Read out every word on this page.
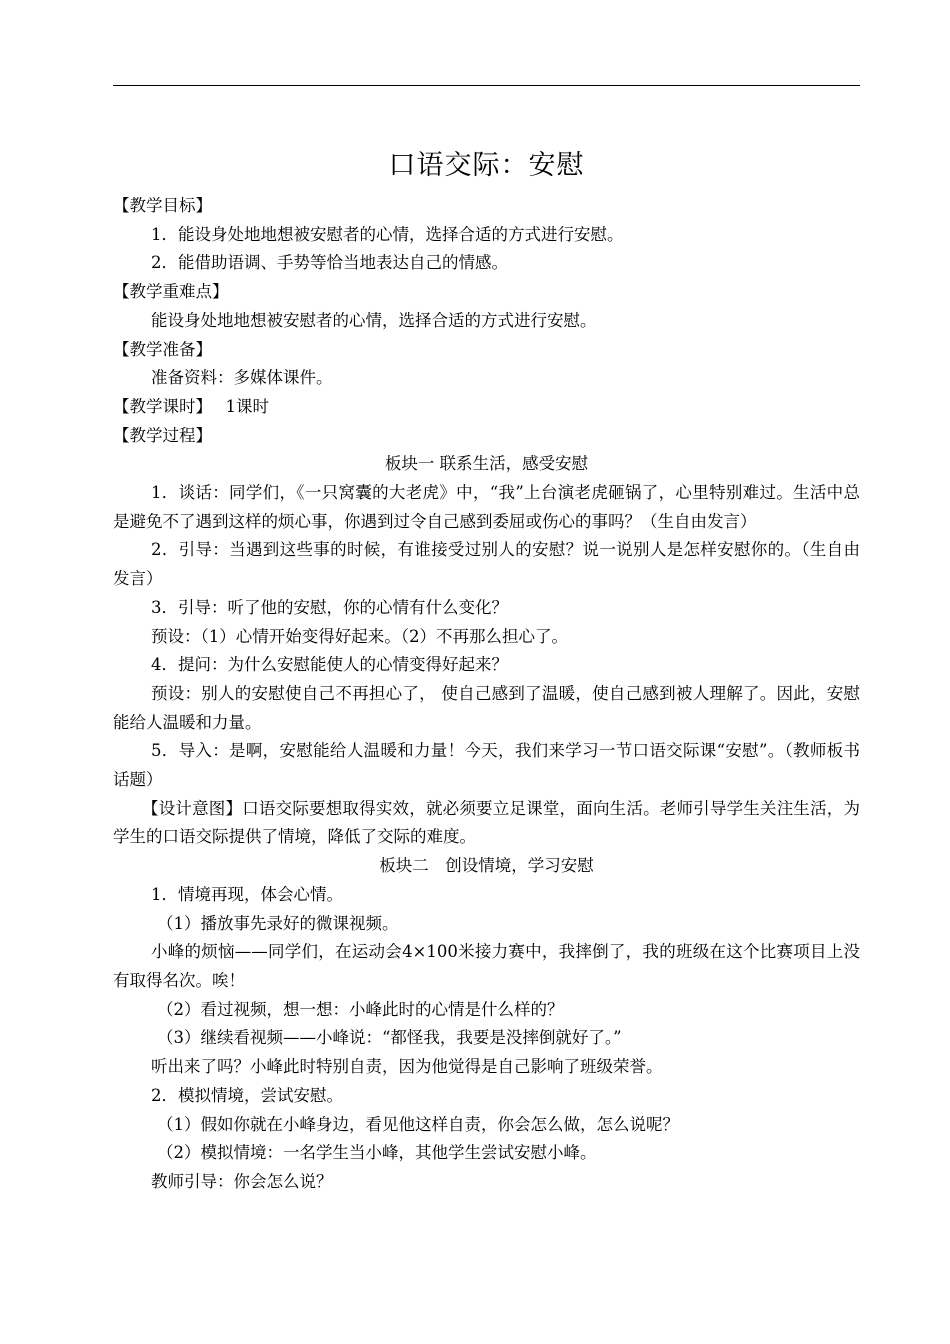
口语交际：安慰
【教学目标】
1．能设身处地地想被安慰者的心情，选择合适的方式进行安慰。
2．能借助语调、手势等恰当地表达自己的情感。
【教学重难点】
能设身处地地想被安慰者的心情，选择合适的方式进行安慰。
【教学准备】
准备资料：多媒体课件。
【教学课时】　 1课时
【教学过程】
板块一 联系生活，感受安慰
1．谈话：同学们，《一只窝囊的大老虎》中，“我”上台演老虎砸锅了，心里特别难过。生活中总是避免不了遇到这样的烦心事，你遇到过令自己感到委屈或伤心的事吗？（生自由发言）
2．引导：当遇到这些事的时候，有谁接受过别人的安慰？说一说别人是怎样安慰你的。（生自由发言）
3．引导：听了他的安慰，你的心情有什么变化？
预设：（1）心情开始变得好起来。（2）不再那么担心了。
4．提问：为什么安慰能使人的心情变得好起来？
预设：别人的安慰使自己不再担心了， 使自己感到了温暖，使自己感到被人理解了。因此，安慰能给人温暖和力量。
5．导入：是啊，安慰能给人温暖和力量！今天，我们来学习一节口语交际课“安慰”。（教师板书话题）
【设计意图】口语交际要想取得实效，就必须要立足课堂，面向生活。老师引导学生关注生活，为学生的口语交际提供了情境，降低了交际的难度。
板块二　创设情境，学习安慰
1．情境再现，体会心情。
（1）播放事先录好的微课视频。
小峰的烦恼——同学们，在运动会4×100米接力赛中，我摔倒了，我的班级在这个比赛项目上没有取得名次。唉！
（2）看过视频，想一想：小峰此时的心情是什么样的？
（3）继续看视频——小峰说：“都怪我，我要是没摔倒就好了。”
听出来了吗？小峰此时特别自责，因为他觉得是自己影响了班级荣誉。
2．模拟情境，尝试安慰。
（1）假如你就在小峰身边，看见他这样自责，你会怎么做，怎么说呢？
（2）模拟情境：一名学生当小峰，其他学生尝试安慰小峰。
教师引导：你会怎么说？
